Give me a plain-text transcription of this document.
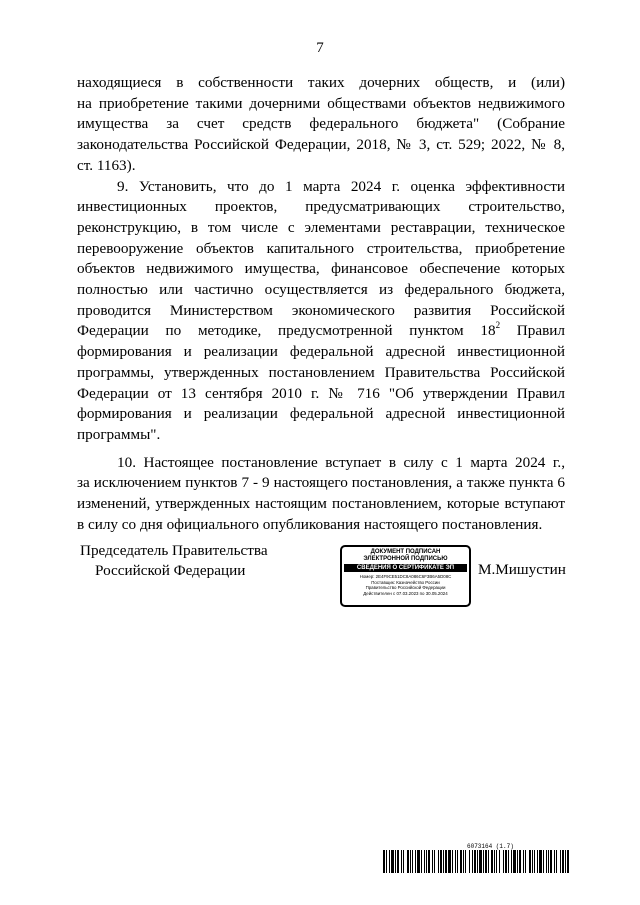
7
находящиеся в собственности таких дочерних обществ, и (или)
на приобретение такими дочерними обществами объектов недвижимого
имущества за счет средств федерального бюджета" (Собрание
законодательства Российской Федерации, 2018, № 3, ст. 529; 2022, № 8,
ст. 1163).
9. Установить, что до 1 марта 2024 г. оценка эффективности
инвестиционных проектов, предусматривающих строительство,
реконструкцию, в том числе с элементами реставрации, техническое
перевооружение объектов капитального строительства, приобретение
объектов недвижимого имущества, финансовое обеспечение которых
полностью или частично осуществляется из федерального бюджета,
проводится Министерством экономического развития Российской
Федерации по методике, предусмотренной пунктом $18^2$ Правил
формирования и реализации федеральной адресной инвестиционной
программы, утвержденных постановлением Правительства Российской
Федерации от 13 сентября 2010 г. № 716 "Об утверждении Правил
формирования и реализации федеральной адресной инвестиционной
программы".
10. Настоящее постановление вступает в силу с 1 марта 2024 г.,
за исключением пунктов 7 - 9 настоящего постановления, а также пункта 6
изменений, утвержденных настоящим постановлением, которые вступают
в силу со дня официального опубликования настоящего постановления.
Председатель Правительства
Российской Федерации
ДОКУМЕНТ ПОДПИСАН
ЭЛЕКТРОННОЙ ПОДПИСЬЮ
СВЕДЕНИЯ О СЕРТИФИКАТЕ ЭП
Номер: 2E4F9CE51DC8A086C6F3B6A5D08C
Поставщик: Казначейство России
Правительство Российской Федерации
Действителен с 07.03.2023 по 30.05.2024
М.Мишустин
6073164 (1.7)
